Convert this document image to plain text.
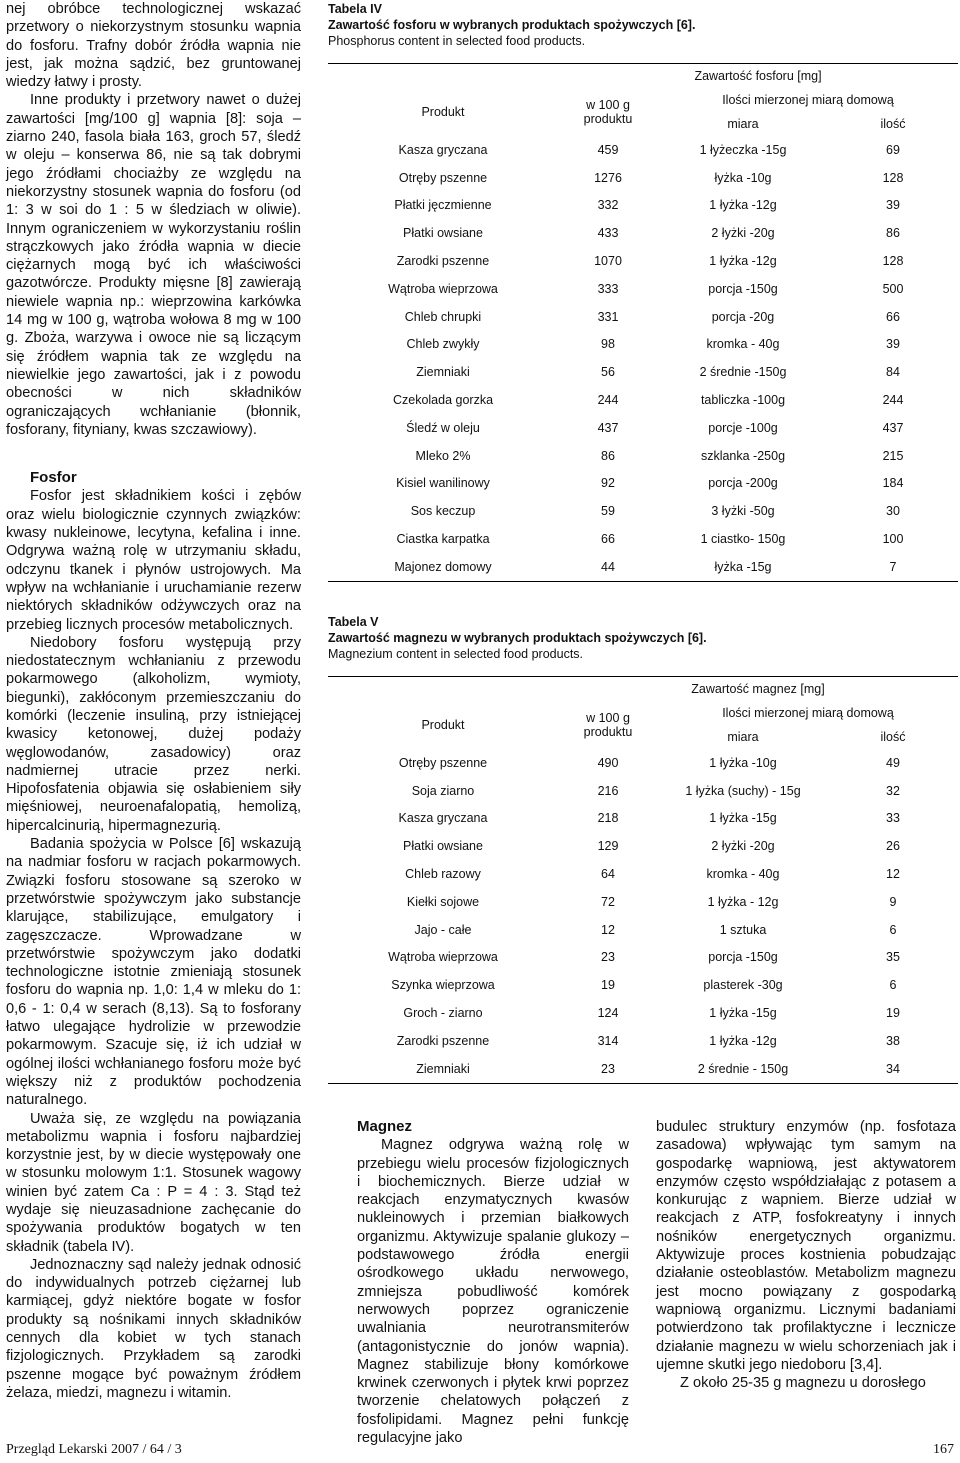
nej obróbce technologicznej wskazać przetwory o niekorzystnym stosunku wapnia do fosforu. Trafny dobór źródła wapnia nie jest, jak można sądzić, bez gruntowanej wiedzy łatwy i prosty.

Inne produkty i przetwory nawet o dużej zawartości [mg/100 g] wapnia [8]: soja – ziarno 240, fasola biała 163, groch 57, śledź w oleju – konserwa 86, nie są tak dobrymi jego źródłami chociażby ze względu na niekorzystny stosunek wapnia do fosforu (od 1: 3 w soi do 1 : 5 w śledziach w oliwie). Innym ograniczeniem w wykorzystaniu roślin strączkowych jako źródła wapnia w diecie ciężarnych mogą być ich właściwości gazotwórcze. Produkty mięsne [8] zawierają niewiele wapnia np.: wieprzowina karkówka 14 mg w 100 g, wątroba wołowa 8 mg w 100 g. Zboża, warzywa i owoce nie są liczącym się źródłem wapnia tak ze względu na niewielkie jego zawartości, jak i z powodu obecności w nich składników ograniczających wchłanianie (błonnik, fosforany, fityniany, kwas szczawiowy).

Fosfor

Fosfor jest składnikiem kości i zębów oraz wielu biologicznie czynnych związków: kwasy nukleinowe, lecytyna, kefalina i inne. Odgrywa ważną rolę w utrzymaniu składu, odczynu tkanek i płynów ustrojowych. Ma wpływ na wchłanianie i uruchamianie rezerw niektórych składników odżywczych oraz na przebieg licznych procesów metabolicznych.

Niedobory fosforu występują przy niedostatecznym wchłanianiu z przewodu pokarmowego (alkoholizm, wymioty, biegunki), zakłóconym przemieszczaniu do komórki (leczenie insuliną, przy istniejącej kwasicy ketonowej, dużej podaży węglowodanów, zasadowicy) oraz nadmiernej utracie przez nerki. Hipofosfatenia objawia się osłabieniem siły mięśniowej, neuroenafalopatią, hemolizą, hipercalcinurią, hipermagnezurią.

Badania spożycia w Polsce [6] wskazują na nadmiar fosforu w racjach pokarmowych. Związki fosforu stosowane są szeroko w przetwórstwie spożywczym jako substancje klarujące, stabilizujące, emulgatory i zagęszczacze. Wprowadzane w przetwórstwie spożywczym jako dodatki technologiczne istotnie zmieniają stosunek fosforu do wapnia np. 1,0: 1,4 w mleku do 1: 0,6 - 1: 0,4 w serach (8,13). Są to fosforany łatwo ulegające hydrolizie w przewodzie pokarmowym. Szacuje się, iż ich udział w ogólnej ilości wchłanianego fosforu może być większy niż z produktów pochodzenia naturalnego.

Uważa się, ze względu na powiązania metabolizmu wapnia i fosforu najbardziej korzystnie jest, by w diecie występowały one w stosunku molowym 1:1. Stosunek wagowy winien być zatem Ca : P = 4 : 3. Stąd też wydaje się nieuzasadnione zachęcanie do spożywania produktów bogatych w ten składnik (tabela IV).

Jednoznaczny sąd należy jednak odnosić do indywidualnych potrzeb ciężarnej lub karmiącej, gdyż niektóre bogate w fosfor produkty są nośnikami innych składników cennych dla kobiet w tych stanach fizjologicznych. Przykładem są zarodki pszenne mogące być poważnym źródłem żelaza, miedzi, magnezu i witamin.

Tabela IV
Zawartość fosforu w wybranych produktach spożywczych [6].
Phosphorus content in selected food products.
	Zawartość fosforu [mg]		
Produkt	w 100 g produktu	Ilości mierzonej miarą domową	
		miara	ilość
Kasza gryczana	459	1 łyżeczka -15g	69
Otręby pszenne	1276	łyżka -10g	128
Płatki jęczmienne	332	1 łyżka -12g	39
Płatki owsiane	433	2 łyżki -20g	86
Zarodki pszenne	1070	1 łyżka -12g	128
Wątroba wieprzowa	333	porcja -150g	500
Chleb chrupki	331	porcja -20g	66
Chleb zwykły	98	kromka - 40g	39
Ziemniaki	56	2 średnie -150g	84
Czekolada gorzka	244	tabliczka -100g	244
Śledź w oleju	437	porcje -100g	437
Mleko 2%	86	szklanka -250g	215
Kisiel wanilinowy	92	porcja -200g	184
Sos keczup	59	3 łyżki -50g	30
Ciastka karpatka	66	1 ciastko- 150g	100
Majonez domowy	44	łyżka -15g	7
Tabela V
Zawartość magnezu w wybranych produktach spożywczych [6].
Magnezium content in selected food products.
	Zawartość magnez [mg]		
Produkt	w 100 g produktu	Ilości mierzonej miarą domową	
		miara	ilość
Otręby pszenne	490	1 łyżka -10g	49
Soja ziarno	216	1 łyżka (suchy) - 15g	32
Kasza gryczana	218	1 łyżka -15g	33
Płatki owsiane	129	2 łyżki -20g	26
Chleb razowy	64	kromka - 40g	12
Kiełki sojowe	72	1 łyżka - 12g	9
Jajo - całe	12	1 sztuka	6
Wątroba wieprzowa	23	porcja -150g	35
Szynka wieprzowa	19	plasterek -30g	6
Groch - ziarno	124	1 łyżka -15g	19
Zarodki pszenne	314	1 łyżka -12g	38
Ziemniaki	23	2 średnie - 150g	34
Magnez

Magnez odgrywa ważną rolę w przebiegu wielu procesów fizjologicznych i biochemicznych. Bierze udział w reakcjach enzymatycznych kwasów nukleinowych i przemian białkowych organizmu. Aktywizuje spalanie glukozy – podstawowego źródła energii ośrodkowego układu nerwowego, zmniejsza pobudliwość komórek nerwowych poprzez ograniczenie uwalniania neurotransmiterów (antagonistycznie do jonów wapnia). Magnez stabilizuje błony komórkowe krwinek czerwonych i płytek krwi poprzez tworzenie chelatowych połączeń z fosfolipidami. Magnez pełni funkcję regulacyjne jako

budulec struktury enzymów (np. fosfotaza zasadowa) wpływając tym samym na gospodarkę wapniową, jest aktywatorem enzymów często współdziałając z potasem a konkurując z wapniem. Bierze udział w reakcjach z ATP, fosfokreatyny i innych nośników energetycznych organizmu. Aktywizuje proces kostnienia pobudzając działanie osteoblastów. Metabolizm magnezu jest mocno powiązany z gospodarką wapniową organizmu. Licznymi badaniami potwierdzono tak profilaktyczne i lecznicze działanie magnezu w wielu schorzeniach jak i ujemne skutki jego niedoboru [3,4].

Z około 25-35 g magnezu u dorosłego

Przegląd Lekarski 2007 / 64 / 3	167
